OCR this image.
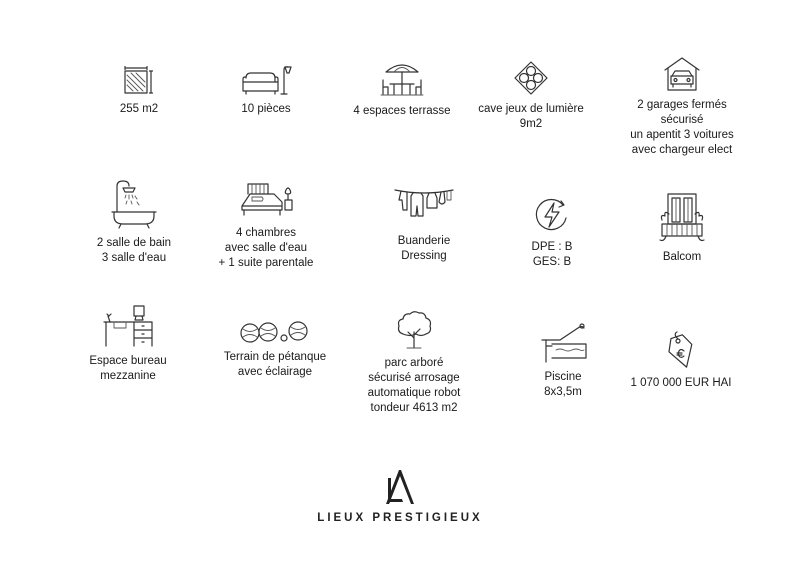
255 m2	10 pièces	4 espaces terrasse cave jeux de lumière
9m2
2 garages fermés
sécurisé
un apentit 3 voitures
avec chargeur elect
2 salle de bain
3 salle d'eau
4 chambres
avec salle d'eau
+ 1 suite parentale
Buanderie
Dressing
DPE : B
GES: B	Balcom
Espace bureau
mezzanine
Terrain de pétanque
avec éclairage
parc arboré
sécurisé arrosage
automatique robot
tondeur 4613 m2
Piscine
8x3,5m
1 070 000 EUR HAI
LIEUX PRESTIGIEUX
